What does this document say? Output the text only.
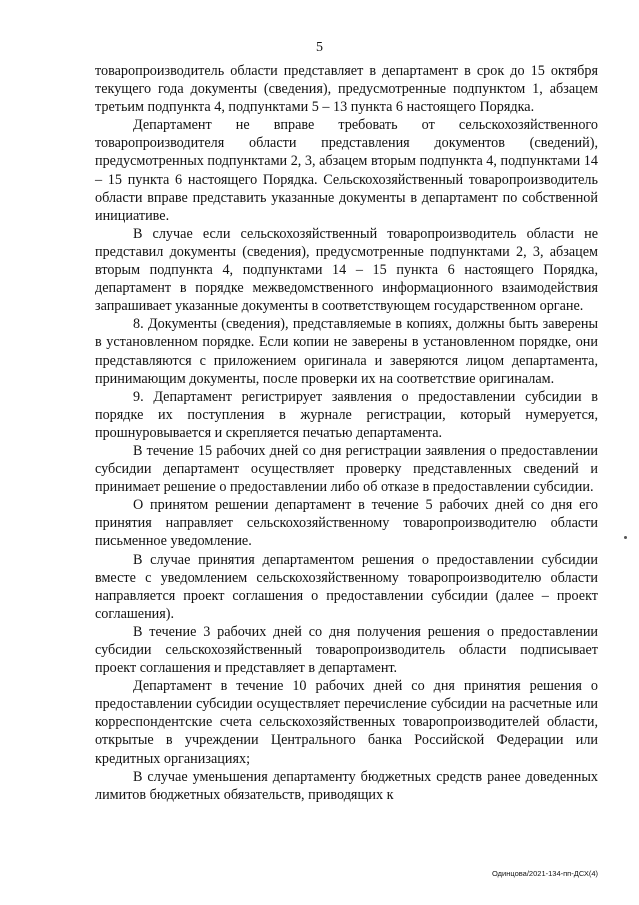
5

товаропроизводитель области представляет в департамент в срок до 15 октября текущего года документы (сведения), предусмотренные подпунктом 1, абзацем третьим подпункта 4, подпунктами 5 – 13 пункта 6 настоящего Порядка.

Департамент не вправе требовать от сельскохозяйственного товаропроизводителя области представления документов (сведений), предусмотренных подпунктами 2, 3, абзацем вторым подпункта 4, подпунктами 14 – 15 пункта 6 настоящего Порядка. Сельскохозяйственный товаропроизводитель области вправе представить указанные документы в департамент по собственной инициативе.

В случае если сельскохозяйственный товаропроизводитель области не представил документы (сведения), предусмотренные подпунктами 2, 3, абзацем вторым подпункта 4, подпунктами 14 – 15 пункта 6 настоящего Порядка, департамент в порядке межведомственного информационного взаимодействия запрашивает указанные документы в соответствующем государственном органе.

8. Документы (сведения), представляемые в копиях, должны быть заверены в установленном порядке. Если копии не заверены в установленном порядке, они представляются с приложением оригинала и заверяются лицом департамента, принимающим документы, после проверки их на соответствие оригиналам.

9. Департамент регистрирует заявления о предоставлении субсидии в порядке их поступления в журнале регистрации, который нумеруется, прошнуровывается и скрепляется печатью департамента.

В течение 15 рабочих дней со дня регистрации заявления о предоставлении субсидии департамент осуществляет проверку представленных сведений и принимает решение о предоставлении либо об отказе в предоставлении субсидии.

О принятом решении департамент в течение 5 рабочих дней со дня его принятия направляет сельскохозяйственному товаропроизводителю области письменное уведомление.

В случае принятия департаментом решения о предоставлении субсидии вместе с уведомлением сельскохозяйственному товаропроизводителю области направляется проект соглашения о предоставлении субсидии (далее – проект соглашения).

В течение 3 рабочих дней со дня получения решения о предоставлении субсидии сельскохозяйственный товаропроизводитель области подписывает проект соглашения и представляет в департамент.

Департамент в течение 10 рабочих дней со дня принятия решения о предоставлении субсидии осуществляет перечисление субсидии на расчетные или корреспондентские счета сельскохозяйственных товаропроизводителей области, открытые в учреждении Центрального банка Российской Федерации или кредитных организациях;

В случае уменьшения департаменту бюджетных средств ранее доведенных лимитов бюджетных обязательств, приводящих к

Одинцова/2021-134-пп-ДСХ(4)
